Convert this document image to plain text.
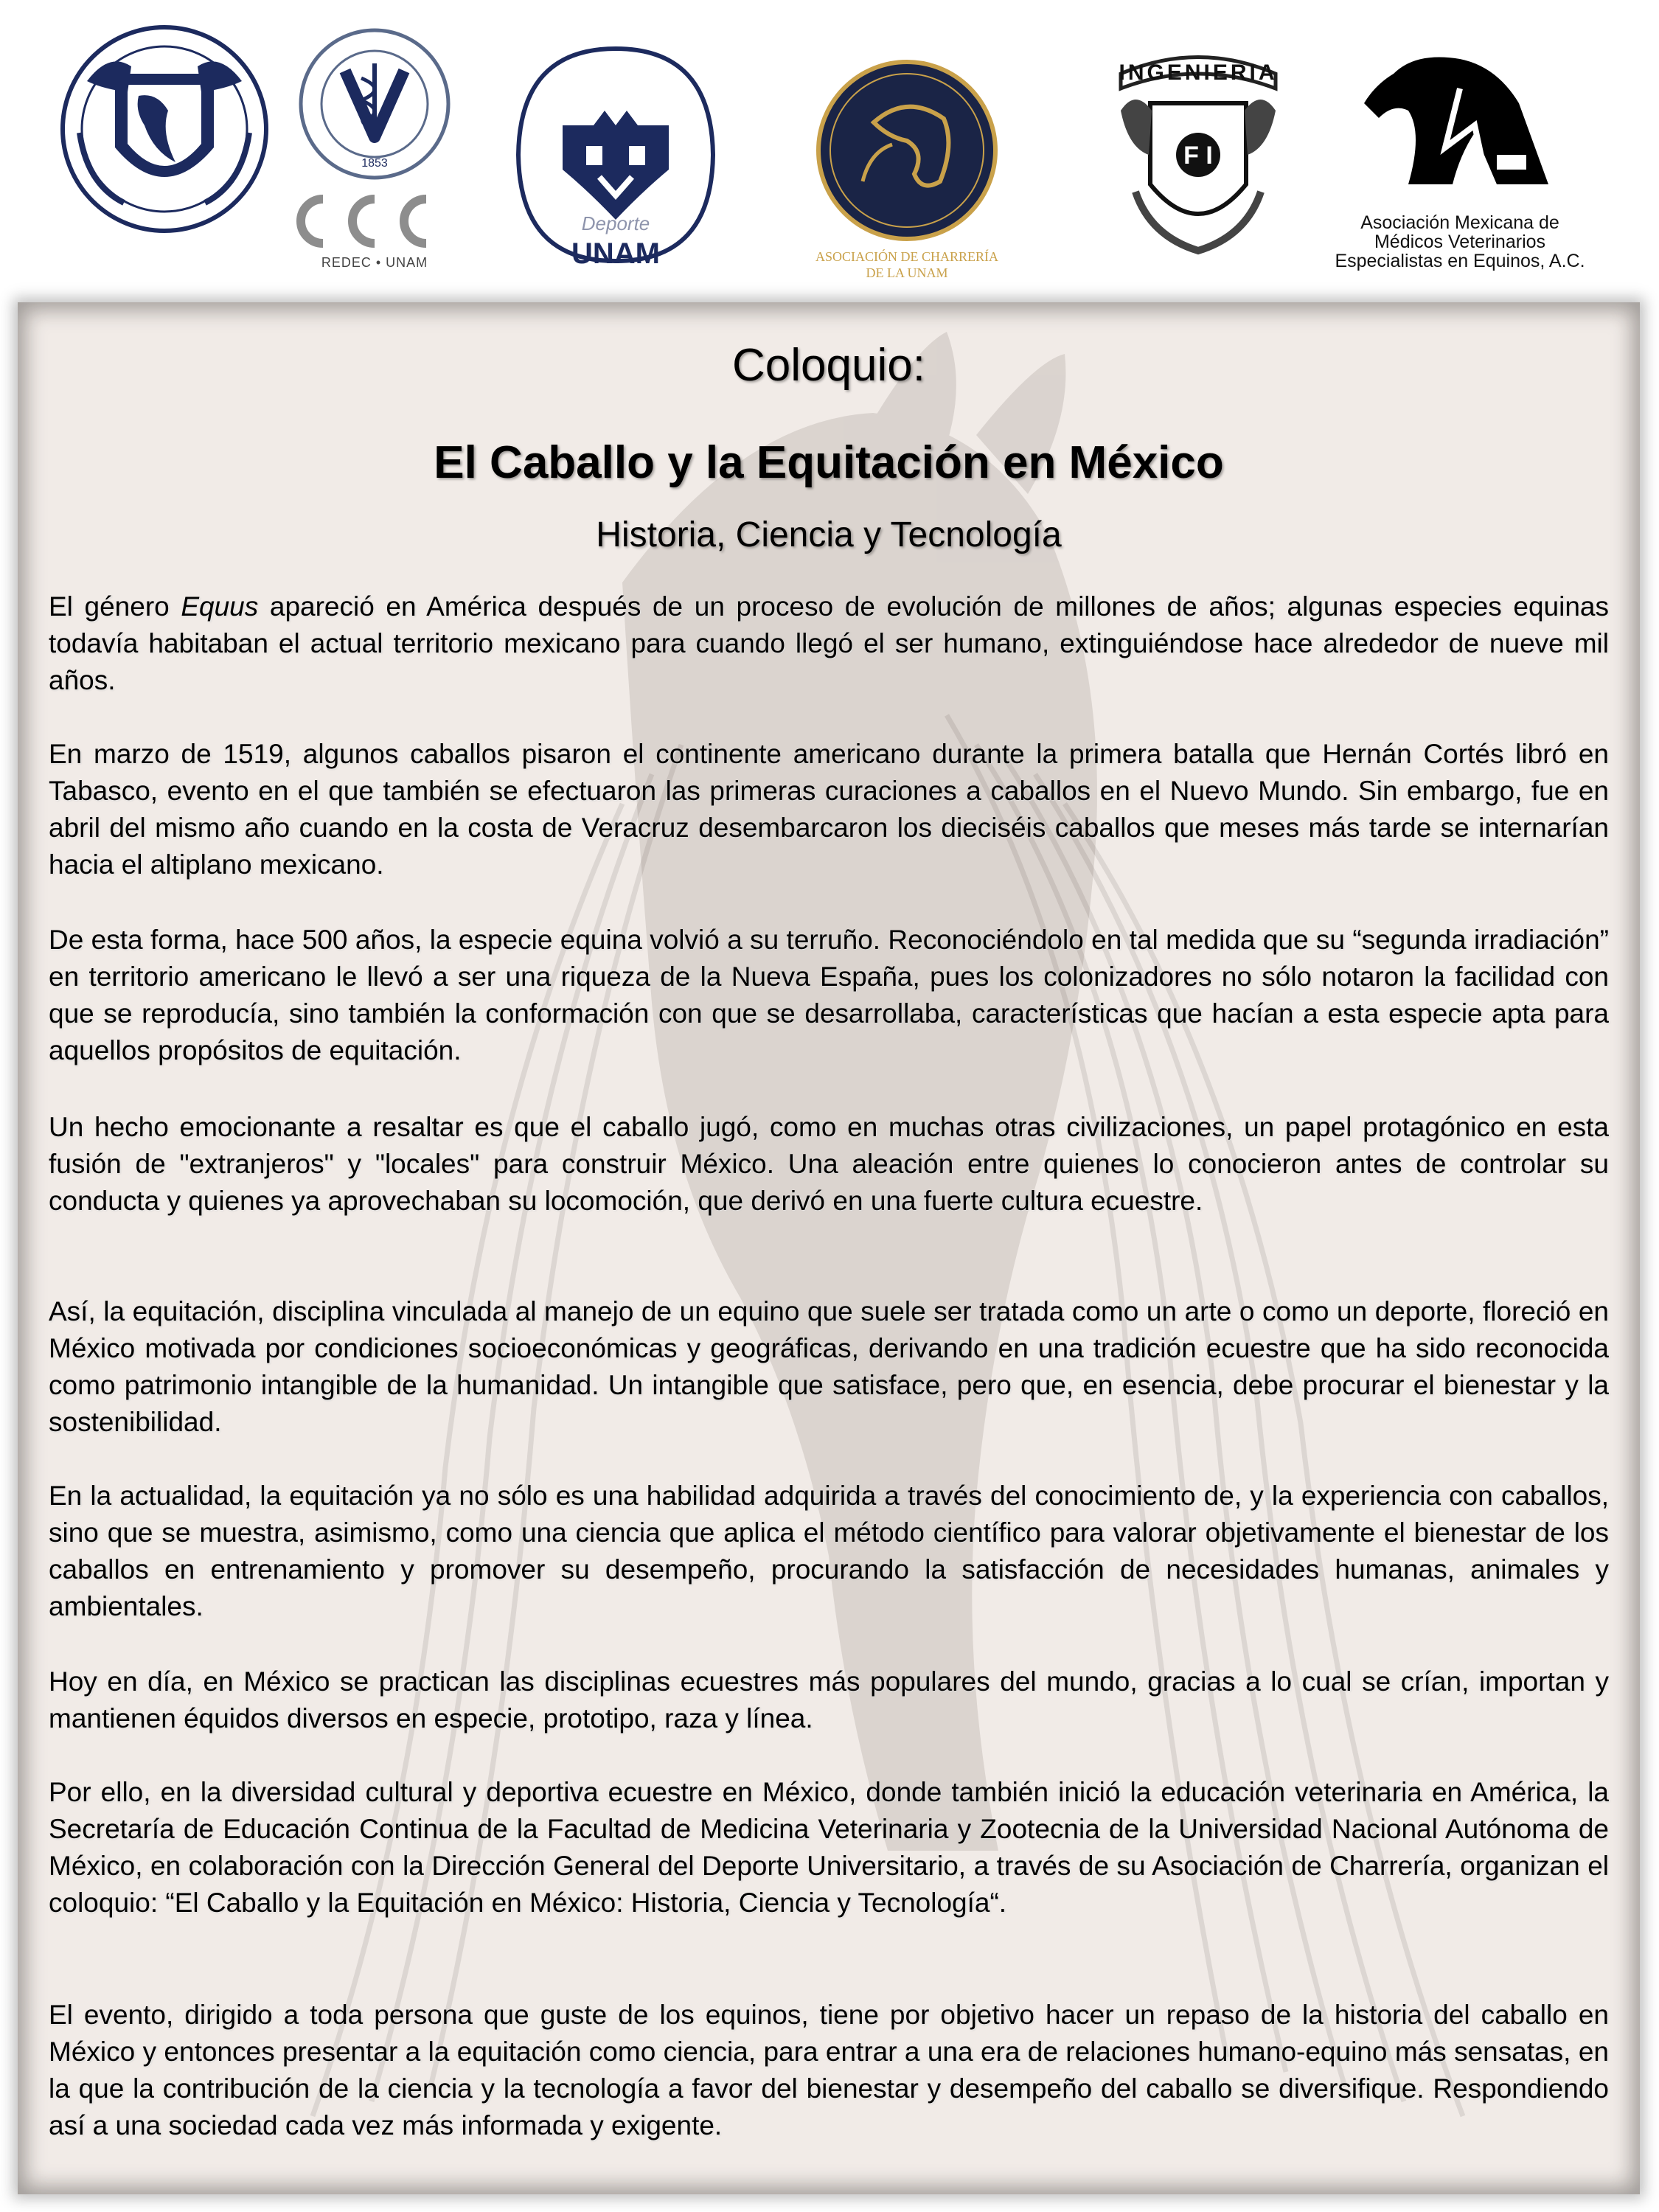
1853
REDEC • UNAM
Deporte
UNAM	ASOCIACIÓN DE CHARRERÍA
DE LA UNAM
INGENIERIA
F I
Asociación Mexicana de
Médicos Veterinarios
Especialistas en Equinos, A.C.
Coloquio:
El Caballo y la Equitación en México
Historia, Ciencia y Tecnología

El género Equus apareció en América después de un proceso de evolución de millones de años; algunas especies equinas todavía habitaban el actual territorio mexicano para cuando llegó el ser humano, extinguiéndose hace alrededor de nueve mil años.

En marzo de 1519, algunos caballos pisaron el continente americano durante la primera batalla que Hernán Cortés libró en Tabasco, evento en el que también se efectuaron las primeras curaciones a caballos en el Nuevo Mundo. Sin embargo, fue en abril del mismo año cuando en la costa de Veracruz desembarcaron los dieciséis caballos que meses más tarde se internarían hacia el altiplano mexicano.

De esta forma, hace 500 años, la especie equina volvió a su terruño. Reconociéndolo en tal medida que su “segunda irradiación” en territorio americano le llevó a ser una riqueza de la Nueva España, pues los colonizadores no sólo notaron la facilidad con que se reproducía, sino también la conformación con que se desarrollaba, características que hacían a esta especie apta para aquellos propósitos de equitación.

Un hecho emocionante a resaltar es que el caballo jugó, como en muchas otras civilizaciones, un papel protagónico en esta fusión de "extranjeros" y "locales" para construir México. Una aleación entre quienes lo conocieron antes de controlar su conducta y quienes ya aprovechaban su locomoción, que derivó en una fuerte cultura ecuestre.

Así, la equitación, disciplina vinculada al manejo de un equino que suele ser tratada como un arte o como un deporte, floreció en México motivada por condiciones socioeconómicas y geográficas, derivando en una tradición ecuestre que ha sido reconocida como patrimonio intangible de la humanidad. Un intangible que satisface, pero que, en esencia, debe procurar el bienestar y la sostenibilidad.

En la actualidad, la equitación ya no sólo es una habilidad adquirida a través del conocimiento de, y la experiencia con caballos, sino que se muestra, asimismo, como una ciencia que aplica el método científico para valorar objetivamente el bienestar de los caballos en entrenamiento y promover su desempeño, procurando la satisfacción de necesidades humanas, animales y ambientales.

Hoy en día, en México se practican las disciplinas ecuestres más populares del mundo, gracias a lo cual se crían, importan y mantienen équidos diversos en especie, prototipo, raza y línea.

Por ello, en la diversidad cultural y deportiva ecuestre en México, donde también inició la educación veterinaria en América, la Secretaría de Educación Continua de la Facultad de Medicina Veterinaria y Zootecnia de la Universidad Nacional Autónoma de México, en colaboración con la Dirección General del Deporte Universitario, a través de su Asociación de Charrería, organizan el coloquio: “El Caballo y la Equitación en México: Historia, Ciencia y Tecnología“.

El evento, dirigido a toda persona que guste de los equinos, tiene por objetivo hacer un repaso de la historia del caballo en México y entonces presentar a la equitación como ciencia, para entrar a una era de relaciones humano-equino más sensatas, en la que la contribución de la ciencia y la tecnología a favor del bienestar y desempeño del caballo se diversifique. Respondiendo así a una sociedad cada vez más informada y exigente.
